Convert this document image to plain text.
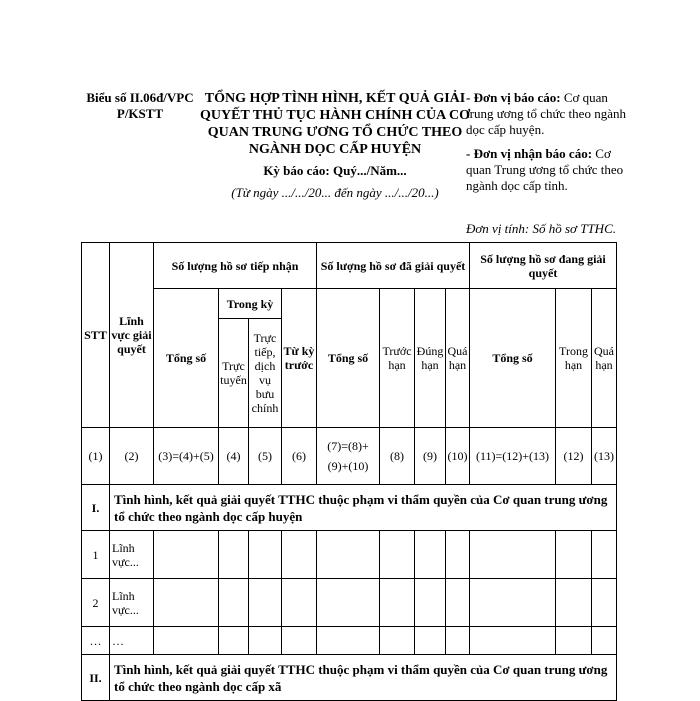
Biểu số II.06đ/VPCP/KSTT
TỔNG HỢP TÌNH HÌNH, KẾT QUẢ GIẢI QUYẾT THỦ TỤC HÀNH CHÍNH CỦA CƠ QUAN TRUNG ƯƠNG TỔ CHỨC THEO NGÀNH DỌC CẤP HUYỆN
Kỳ báo cáo: Quý.../Năm...
(Từ ngày .../.../20... đến ngày .../.../20...)
- Đơn vị báo cáo: Cơ quan trung ương tổ chức theo ngành dọc cấp huyện.
- Đơn vị nhận báo cáo: Cơ quan Trung ương tổ chức theo ngành dọc cấp tỉnh.
Đơn vị tính: Số hồ sơ TTHC.
STT	Lĩnh vực giải quyết	Số lượng hồ sơ tiếp nhận				Số lượng hồ sơ đã giải quyết				Số lượng hồ sơ đang giải quyết		
		Tổng số	Trong kỳ		Từ kỳ trước	Tổng số	Trước hạn	Đúng hạn	Quá hạn	Tổng số	Trong hạn	Quá hạn
			Trực tuyến	Trực tiếp, dịch vụ bưu chính								
(1)	(2)	(3)=(4)+(5)	(4)	(5)	(6)	(7)=(8)+(9)+(10)	(8)	(9)	(10)	(11)=(12)+(13)	(12)	(13)
I.	Tình hình, kết quả giải quyết TTHC thuộc phạm vi thẩm quyền của Cơ quan trung ương tổ chức theo ngành dọc cấp huyện											
1	Lĩnh vực...											
2	Lĩnh vực...											
…	…											
II.	Tình hình, kết quả giải quyết TTHC thuộc phạm vi thẩm quyền của Cơ quan trung ương tổ chức theo ngành dọc cấp xã											
